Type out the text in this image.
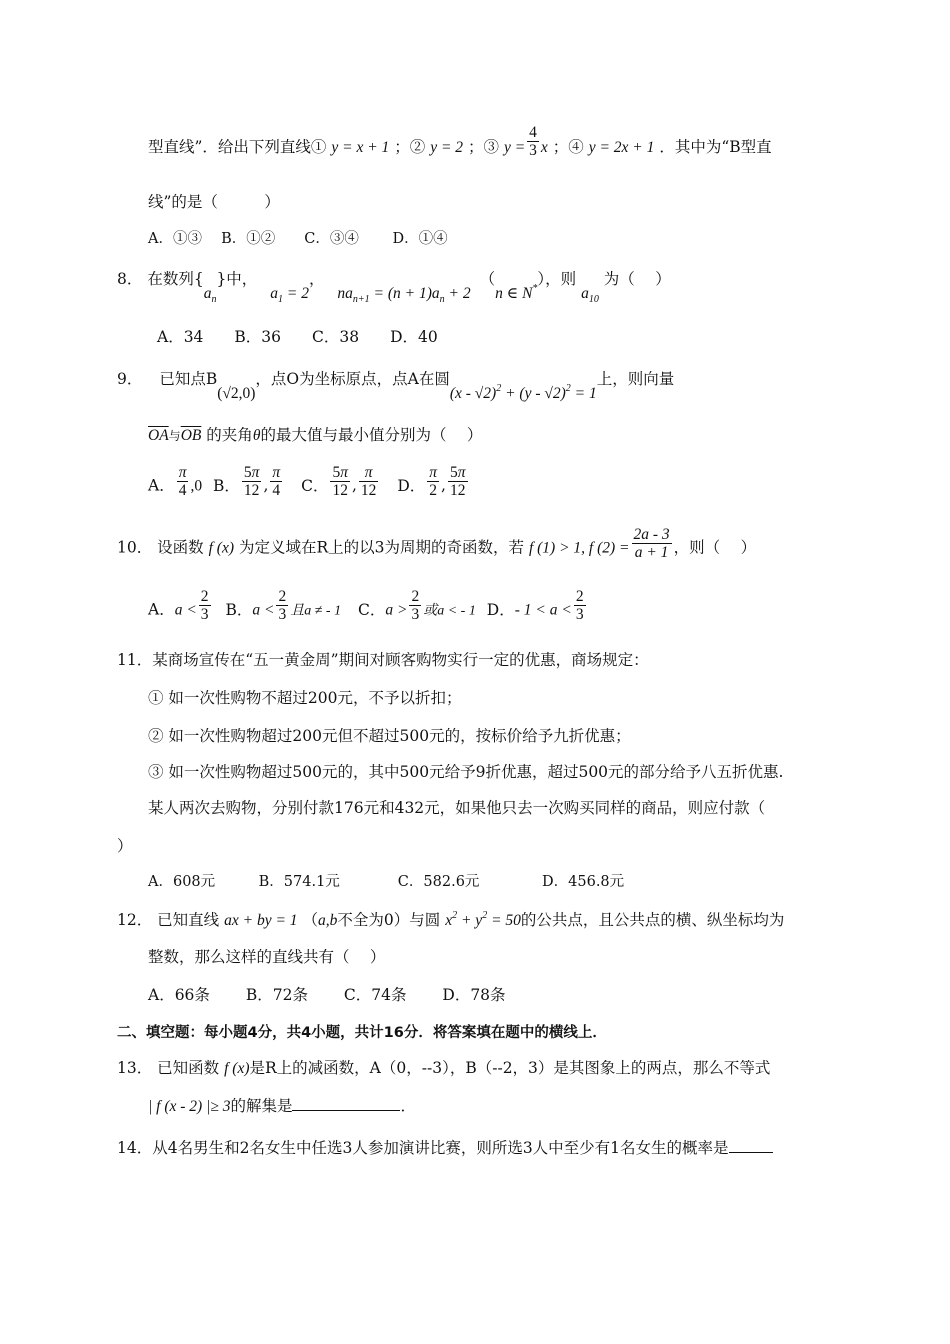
型直线”．给出下列直线① y = x + 1 ；② y = 2 ；③ $y = \frac{4}{3}$ x ；④ y = 2x + 1 ．其中为“B型直
线”的是（　　　）
A．①③　 B．①②　　C．③④　　 D．①④
8． 在数列$\{a_n\}$中， $a_1 = 2$， $na_{n+1} = (n + 1)a_n + 2$ （n ∈ N*），则 $a_{10}$ 为（　 ）
A．34　　B．36　　C．38　　D．40
9． 已知点B(√2,0)，点O为坐标原点，点A在圆(x - √2)$^2$ + (y - √2)$^2$ = 1上，则向量
$\overline{OA}$与$\overline{OB}$ 的夹角θ的最大值与最小值分别为（　 ）
A． $\frac{\pi}{4} ,0$ B． $\frac{5\pi}{12}$ , $\frac{\pi}{4}$ C． $\frac{5\pi}{12}$ , $\frac{\pi}{12}$ D． $\frac{\pi}{2}$ , $\frac{5\pi}{12}$
10． 设函数 f (x) 为定义域在R上的以3为周期的奇函数，若 f (1) > 1, f $(2) = \frac{2a - 3}{a + 1}$ ，则（　 ）
A．$a < \frac{2}{3}$ B．$a < \frac{2}{3}$ 且a ≠ - 1 C．$a > \frac{2}{3}$ 或a < - 1 D．- $1 < a < \frac{2}{3}$
11．某商场宣传在“五一黄金周”期间对顾客购物实行一定的优惠，商场规定：
① 如一次性购物不超过200元，不予以折扣；
② 如一次性购物超过200元但不超过500元的，按标价给予九折优惠；
③ 如一次性购物超过500元的，其中500元给予9折优惠，超过500元的部分给予八五折优惠.
某人两次去购物，分别付款176元和432元，如果他只去一次购买同样的商品，则应付款（
）
A．608元　　　B．574.1元　　　　C．582.6元　　　　 D．456.8元
12． 已知直线 ax + by = 1 （a,b不全为0）与圆 $x^2 + y^2 = 50$的公共点，且公共点的横、纵坐标均为
整数，那么这样的直线共有（　 ）
A．66条　　 B．72条　　 C．74条　　 D．78条
二、填空题：每小题4分，共4小题，共计16分．将答案填在题中的横线上．
13． 已知函数 f (x)是R上的减函数，A（0，--3），B（--2，3）是其图象上的两点，那么不等式
| f (x - 2) |≥ 3的解集是	．
14．从4名男生和2名女生中任选3人参加演讲比赛，则所选3人中至少有1名女生的概率是
